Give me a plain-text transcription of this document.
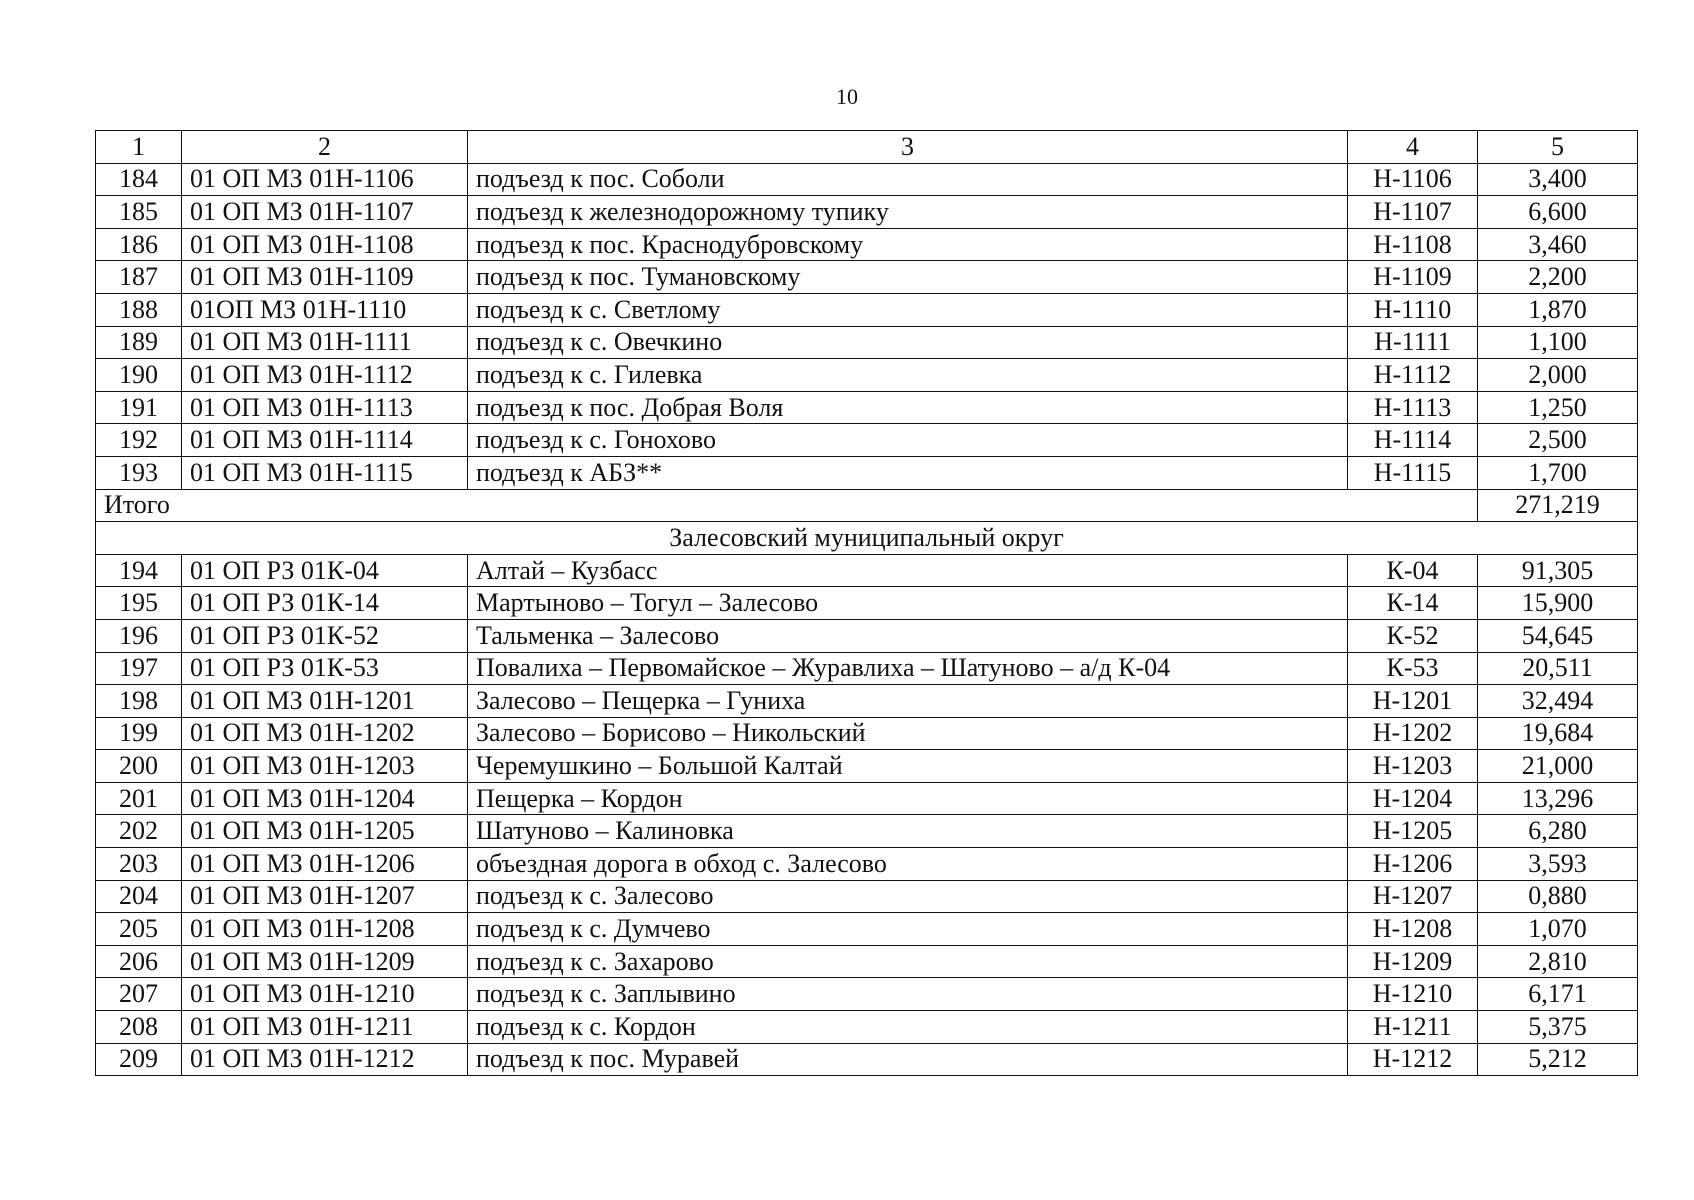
10
1	2	3	4	5
184	01 ОП МЗ 01Н-1106	подъезд к пос. Соболи	Н-1106	3,400
185	01 ОП МЗ 01Н-1107	подъезд к железнодорожному тупику	Н-1107	6,600
186	01 ОП МЗ 01Н-1108	подъезд к пос. Краснодубровскому	Н-1108	3,460
187	01 ОП МЗ 01Н-1109	подъезд к пос. Тумановскому	Н-1109	2,200
188	01ОП МЗ 01Н-1110	подъезд к с. Светлому	Н-1110	1,870
189	01 ОП МЗ 01Н-1111	подъезд к с. Овечкино	Н-1111	1,100
190	01 ОП МЗ 01Н-1112	подъезд к с. Гилевка	Н-1112	2,000
191	01 ОП МЗ 01Н-1113	подъезд к пос. Добрая Воля	Н-1113	1,250
192	01 ОП МЗ 01Н-1114	подъезд к с. Гонохово	Н-1114	2,500
193	01 ОП МЗ 01Н-1115	подъезд к АБЗ**	Н-1115	1,700
Итого				271,219
Залесовский муниципальный округ				
194	01 ОП РЗ 01К-04	Алтай – Кузбасс	К-04	91,305
195	01 ОП РЗ 01К-14	Мартыново – Тогул – Залесово	К-14	15,900
196	01 ОП РЗ 01К-52	Тальменка – Залесово	К-52	54,645
197	01 ОП РЗ 01К-53	Повалиха – Первомайское – Журавлиха – Шатуново – а/д К-04	К-53	20,511
198	01 ОП МЗ 01Н-1201	Залесово – Пещерка – Гуниха	Н-1201	32,494
199	01 ОП МЗ 01Н-1202	Залесово – Борисово – Никольский	Н-1202	19,684
200	01 ОП МЗ 01Н-1203	Черемушкино – Большой Калтай	Н-1203	21,000
201	01 ОП МЗ 01Н-1204	Пещерка – Кордон	Н-1204	13,296
202	01 ОП МЗ 01Н-1205	Шатуново – Калиновка	Н-1205	6,280
203	01 ОП МЗ 01Н-1206	объездная дорога в обход с. Залесово	Н-1206	3,593
204	01 ОП МЗ 01Н-1207	подъезд к с. Залесово	Н-1207	0,880
205	01 ОП МЗ 01Н-1208	подъезд к с. Думчево	Н-1208	1,070
206	01 ОП МЗ 01Н-1209	подъезд к с. Захарово	Н-1209	2,810
207	01 ОП МЗ 01Н-1210	подъезд к с. Заплывино	Н-1210	6,171
208	01 ОП МЗ 01Н-1211	подъезд к с. Кордон	Н-1211	5,375
209	01 ОП МЗ 01Н-1212	подъезд к пос. Муравей	Н-1212	5,212
